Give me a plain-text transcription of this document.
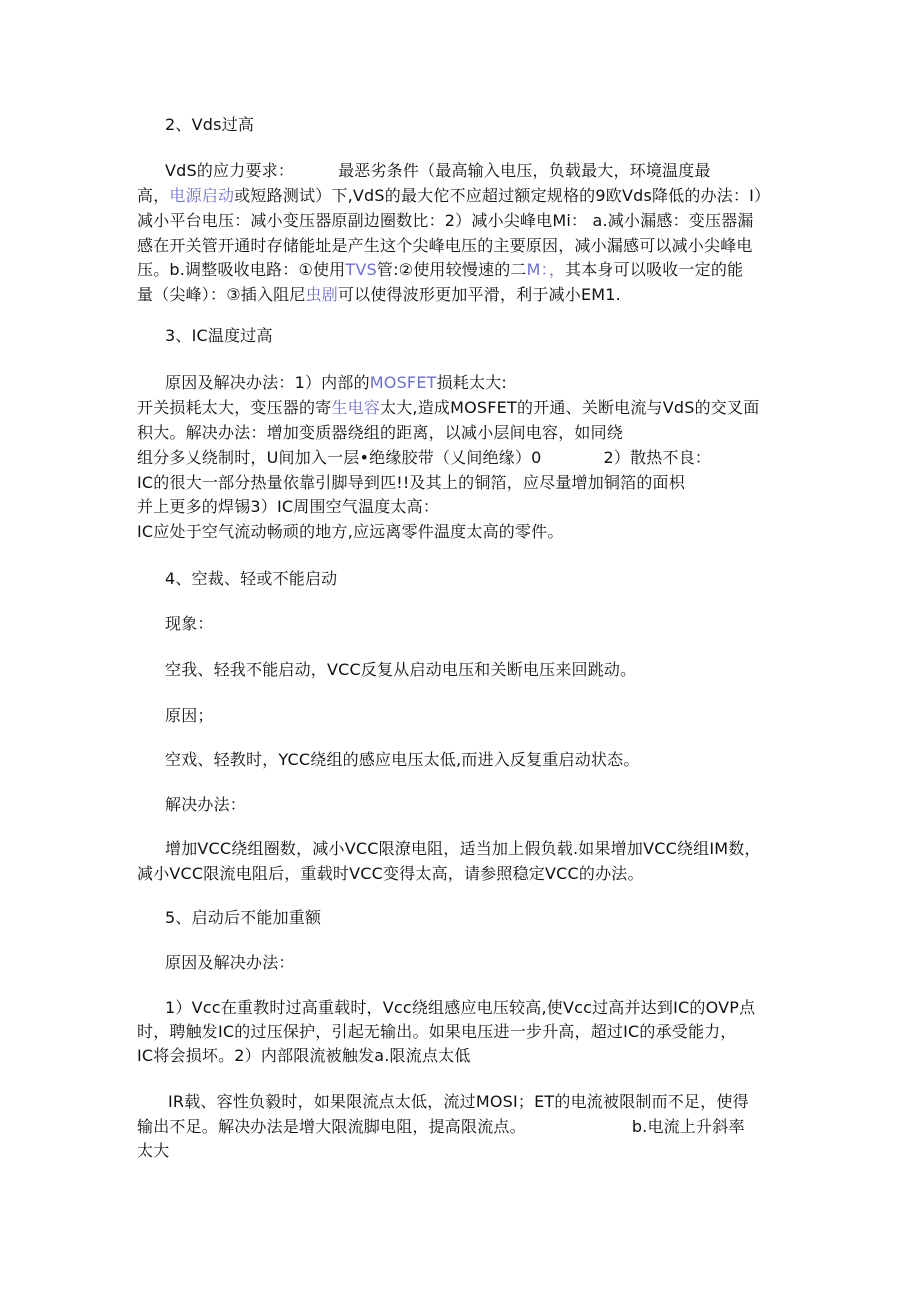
2、Vds过高
VdS的应力要求：	最恶劣条件（最高输入电压，负载最大，环境温度最
高，电源启动或短路测试）下,VdS的最大佗不应超过额定规格的9欧Vds降低的办法：I）
减小平台电压：减小变压器原副边圈数比：2）减小尖峰电Mi： a.减小漏感：变压器漏
感在开关管开通时存储能址是产生这个尖峰电压的主要原因，减小漏感可以减小尖峰电
压。b.调整吸收电路：①使用TVS管:②使用较慢速的二M：，其本身可以吸收一定的能
量（尖峰）：③插入阻尼虫剧可以使得波形更加平滑，利于减小EM1.
3、IC温度过高
原因及解决办法：1）内部的MOSFET损耗太大:
开关损耗太大，变压器的寄生电容太大,造成MOSFET的开通、关断电流与VdS的交叉面
积大。解决办法：增加变质器绕组的距离，以减小层间电容，如同绕
组分多乂绕制时，U间加入一层•绝缘胶带（乂间绝缘）0	2）散热不良：
IC的很大一部分热量依靠引脚导到匹!!及其上的铜箔，应尽量增加铜箔的面枳
并上更多的焊锡3）IC周围空气温度太高：
IC应处于空气流动畅顽的地方,应远离零件温度太高的零件。
4、空裁、轻或不能启动
现象：
空我、轻我不能启动，VCC反复从启动电压和关断电压来回跳动。
原因；
空戏、轻教时，YCC绕组的感应电压太低,而进入反复重启动状态。
解决办法：
增加VCC绕组圈数，减小VCC限潦电阻，适当加上假负载.如果增加VCC绕组IM数，
减小VCC限流电阻后，重载时VCC变得太高，请参照稳定VCC的办法。
5、启动后不能加重额
原因及解决办法：
1）Vcc在重教时过高重载时，Vcc绕组感应电压较高,使Vcc过高并达到IC的OVP点
时，聘触发IC的过压保护，引起无输出。如果电压进一步升高，超过IC的承受能力，
IC将会损坏。2）内部限流被触发a.限流点太低
IR载、容性负毅时，如果限流点太低，流过MOSI；ET的电流被限制而不足，使得
输出不足。解决办法是增大限流脚电阻，提高限流点。	b.电流上升斜率
太大
